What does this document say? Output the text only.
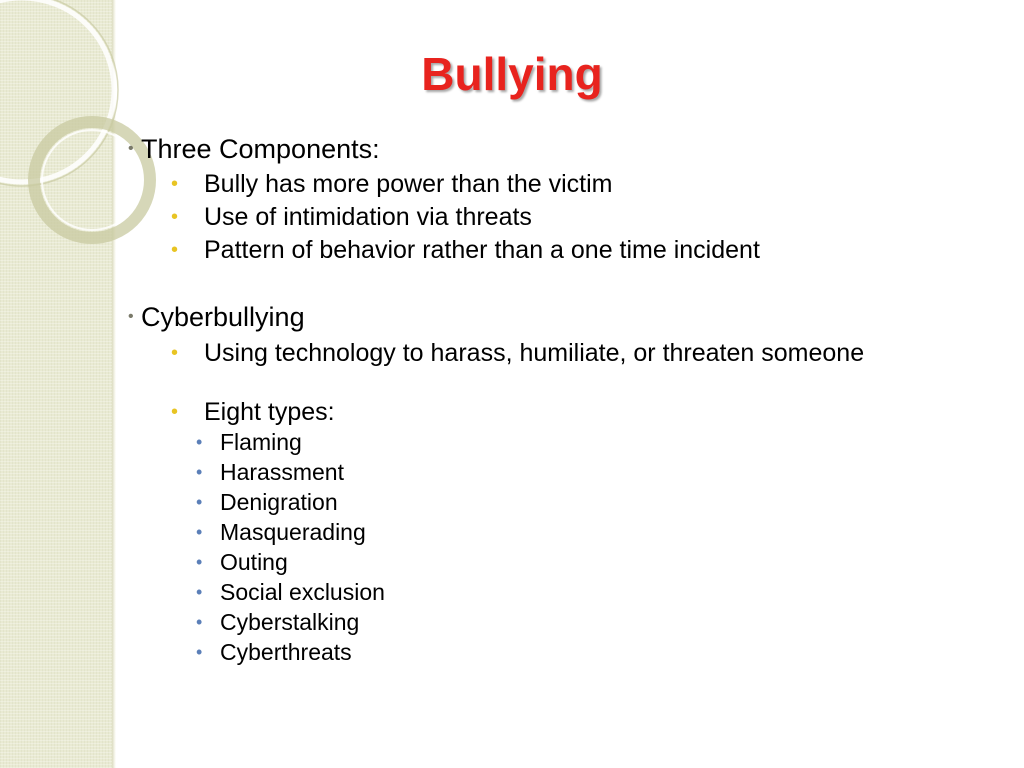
Bullying
• Three Components:
• Bully has more power than the victim
• Use of intimidation via threats
• Pattern of behavior rather than a one time incident
• Cyberbullying
• Using technology to harass, humiliate, or threaten someone
• Eight types:
• Flaming
• Harassment
• Denigration
• Masquerading
• Outing
• Social exclusion
• Cyberstalking
• Cyberthreats
